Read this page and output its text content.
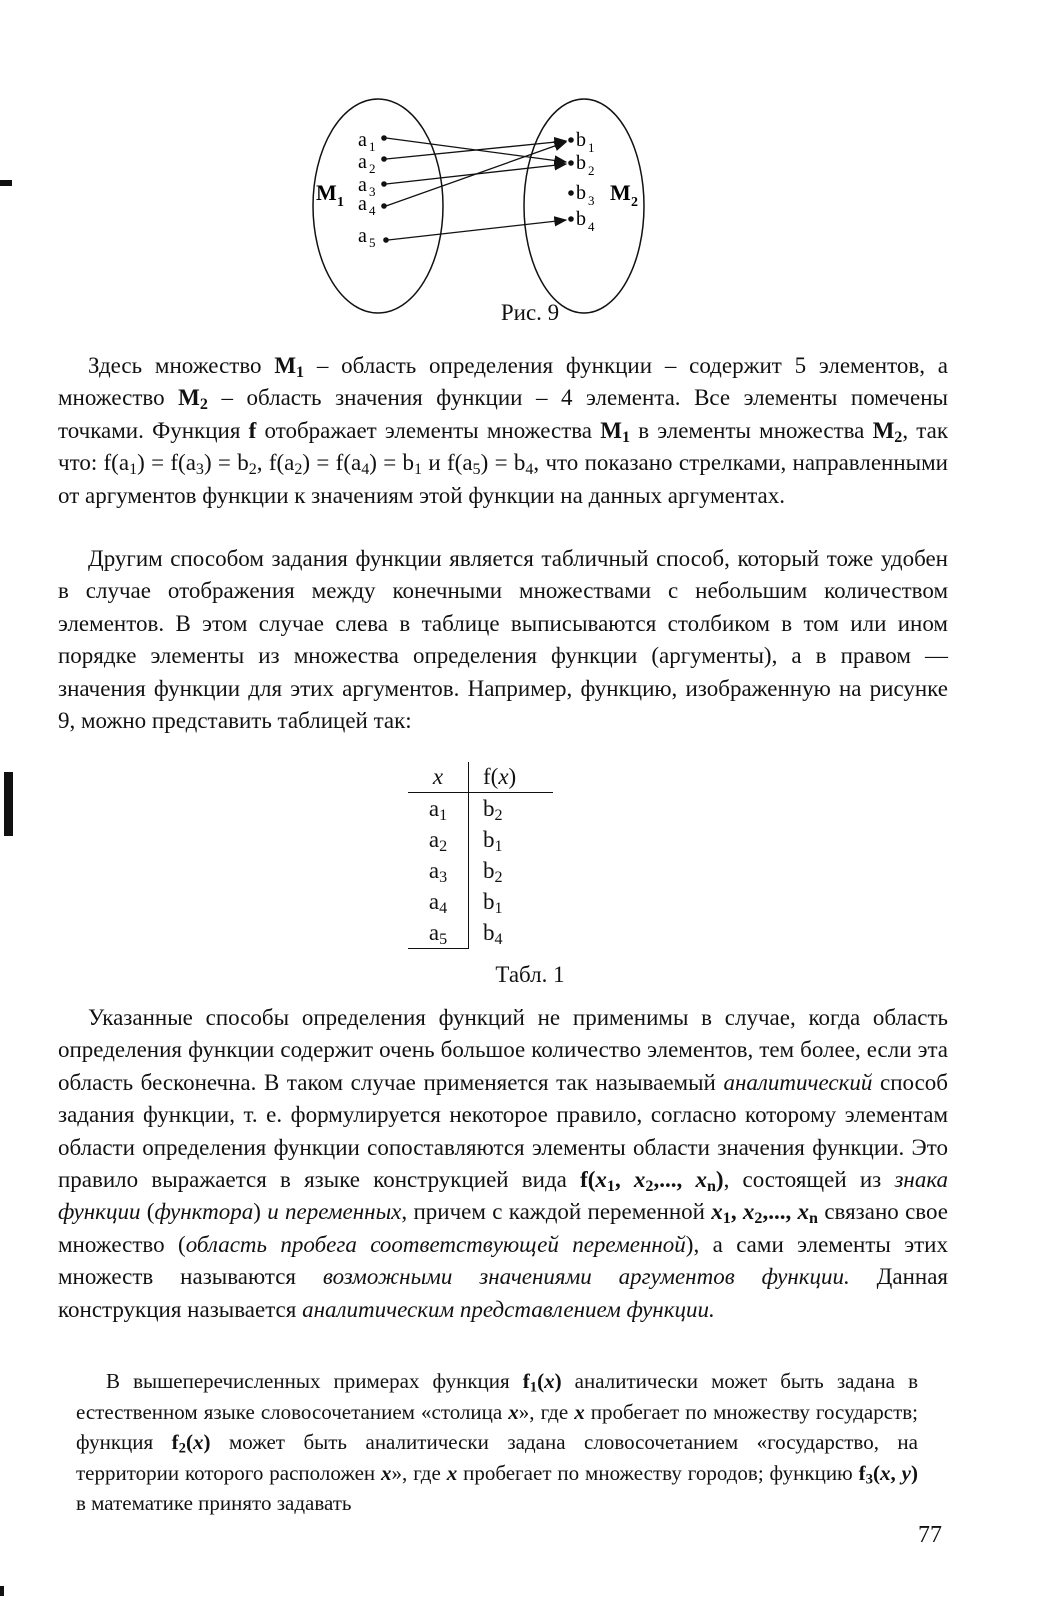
M 1	M 2
a 1
a 2
a 3
a 4
a 5
b 1
b 2
b 3
b 4
Рис. 9
Здесь множество $M_1$ – область определения функции – содержит 5 элементов, а множество $M_2$ – область значения функции – 4 элемента. Все элементы помечены точками. Функция f отображает элементы множества $M_1$ в элементы множества $M_2$, так что: $f(a_1) = f(a_3) = b_2$, $f(a_2) = f(a_4) = b_1$ и $f(a_5) = b_4$, что показано стрелками, направленными от аргументов функции к значениям этой функции на данных аргументах.
Другим способом задания функции является табличный способ, который тоже удобен в случае отображения между конечными множествами с небольшим количеством элементов. В этом случае слева в таблице выписываются столбиком в том или ином порядке элементы из множества определения функции (аргументы), а в правом — значения функции для этих аргументов. Например, функцию, изображенную на рисунке 9, можно представить таблицей так:
x	f(x)
$a_1$	$b_2$
$a_2$	$b_1$
$a_3$	$b_2$
$a_4$	$b_1$
$a_5$	$b_4$
Табл. 1
Указанные способы определения функций не применимы в случае, когда область определения функции содержит очень большое количество элементов, тем более, если эта область бесконечна. В таком случае применяется так называемый аналитический способ задания функции, т. е. формулируется некоторое правило, согласно которому элементам области определения функции сопоставляются элементы области значения функции. Это правило выражается в языке конструкцией вида $f(x_1$, $x_2$,..., $x_n$), состоящей из знака функции (функтора) и переменных, причем с каждой переменной $x_1$, $x_2$,..., $x_n$ связано свое множество (область пробега соответствующей переменной), а сами элементы этих множеств называются возможными значениями аргументов функции. Данная конструкция называется аналитическим представлением функции.
В вышеперечисленных примерах функция $f_1(x)$ аналитически может быть задана в естественном языке словосочетанием «столица x», где x пробегает по множеству государств; функция $f_2(x)$ может быть аналитически задана словосочетанием «государство, на территории которого расположен x», где x пробегает по множеству городов; функцию $f_3(x$, y) в математике принято задавать
77
